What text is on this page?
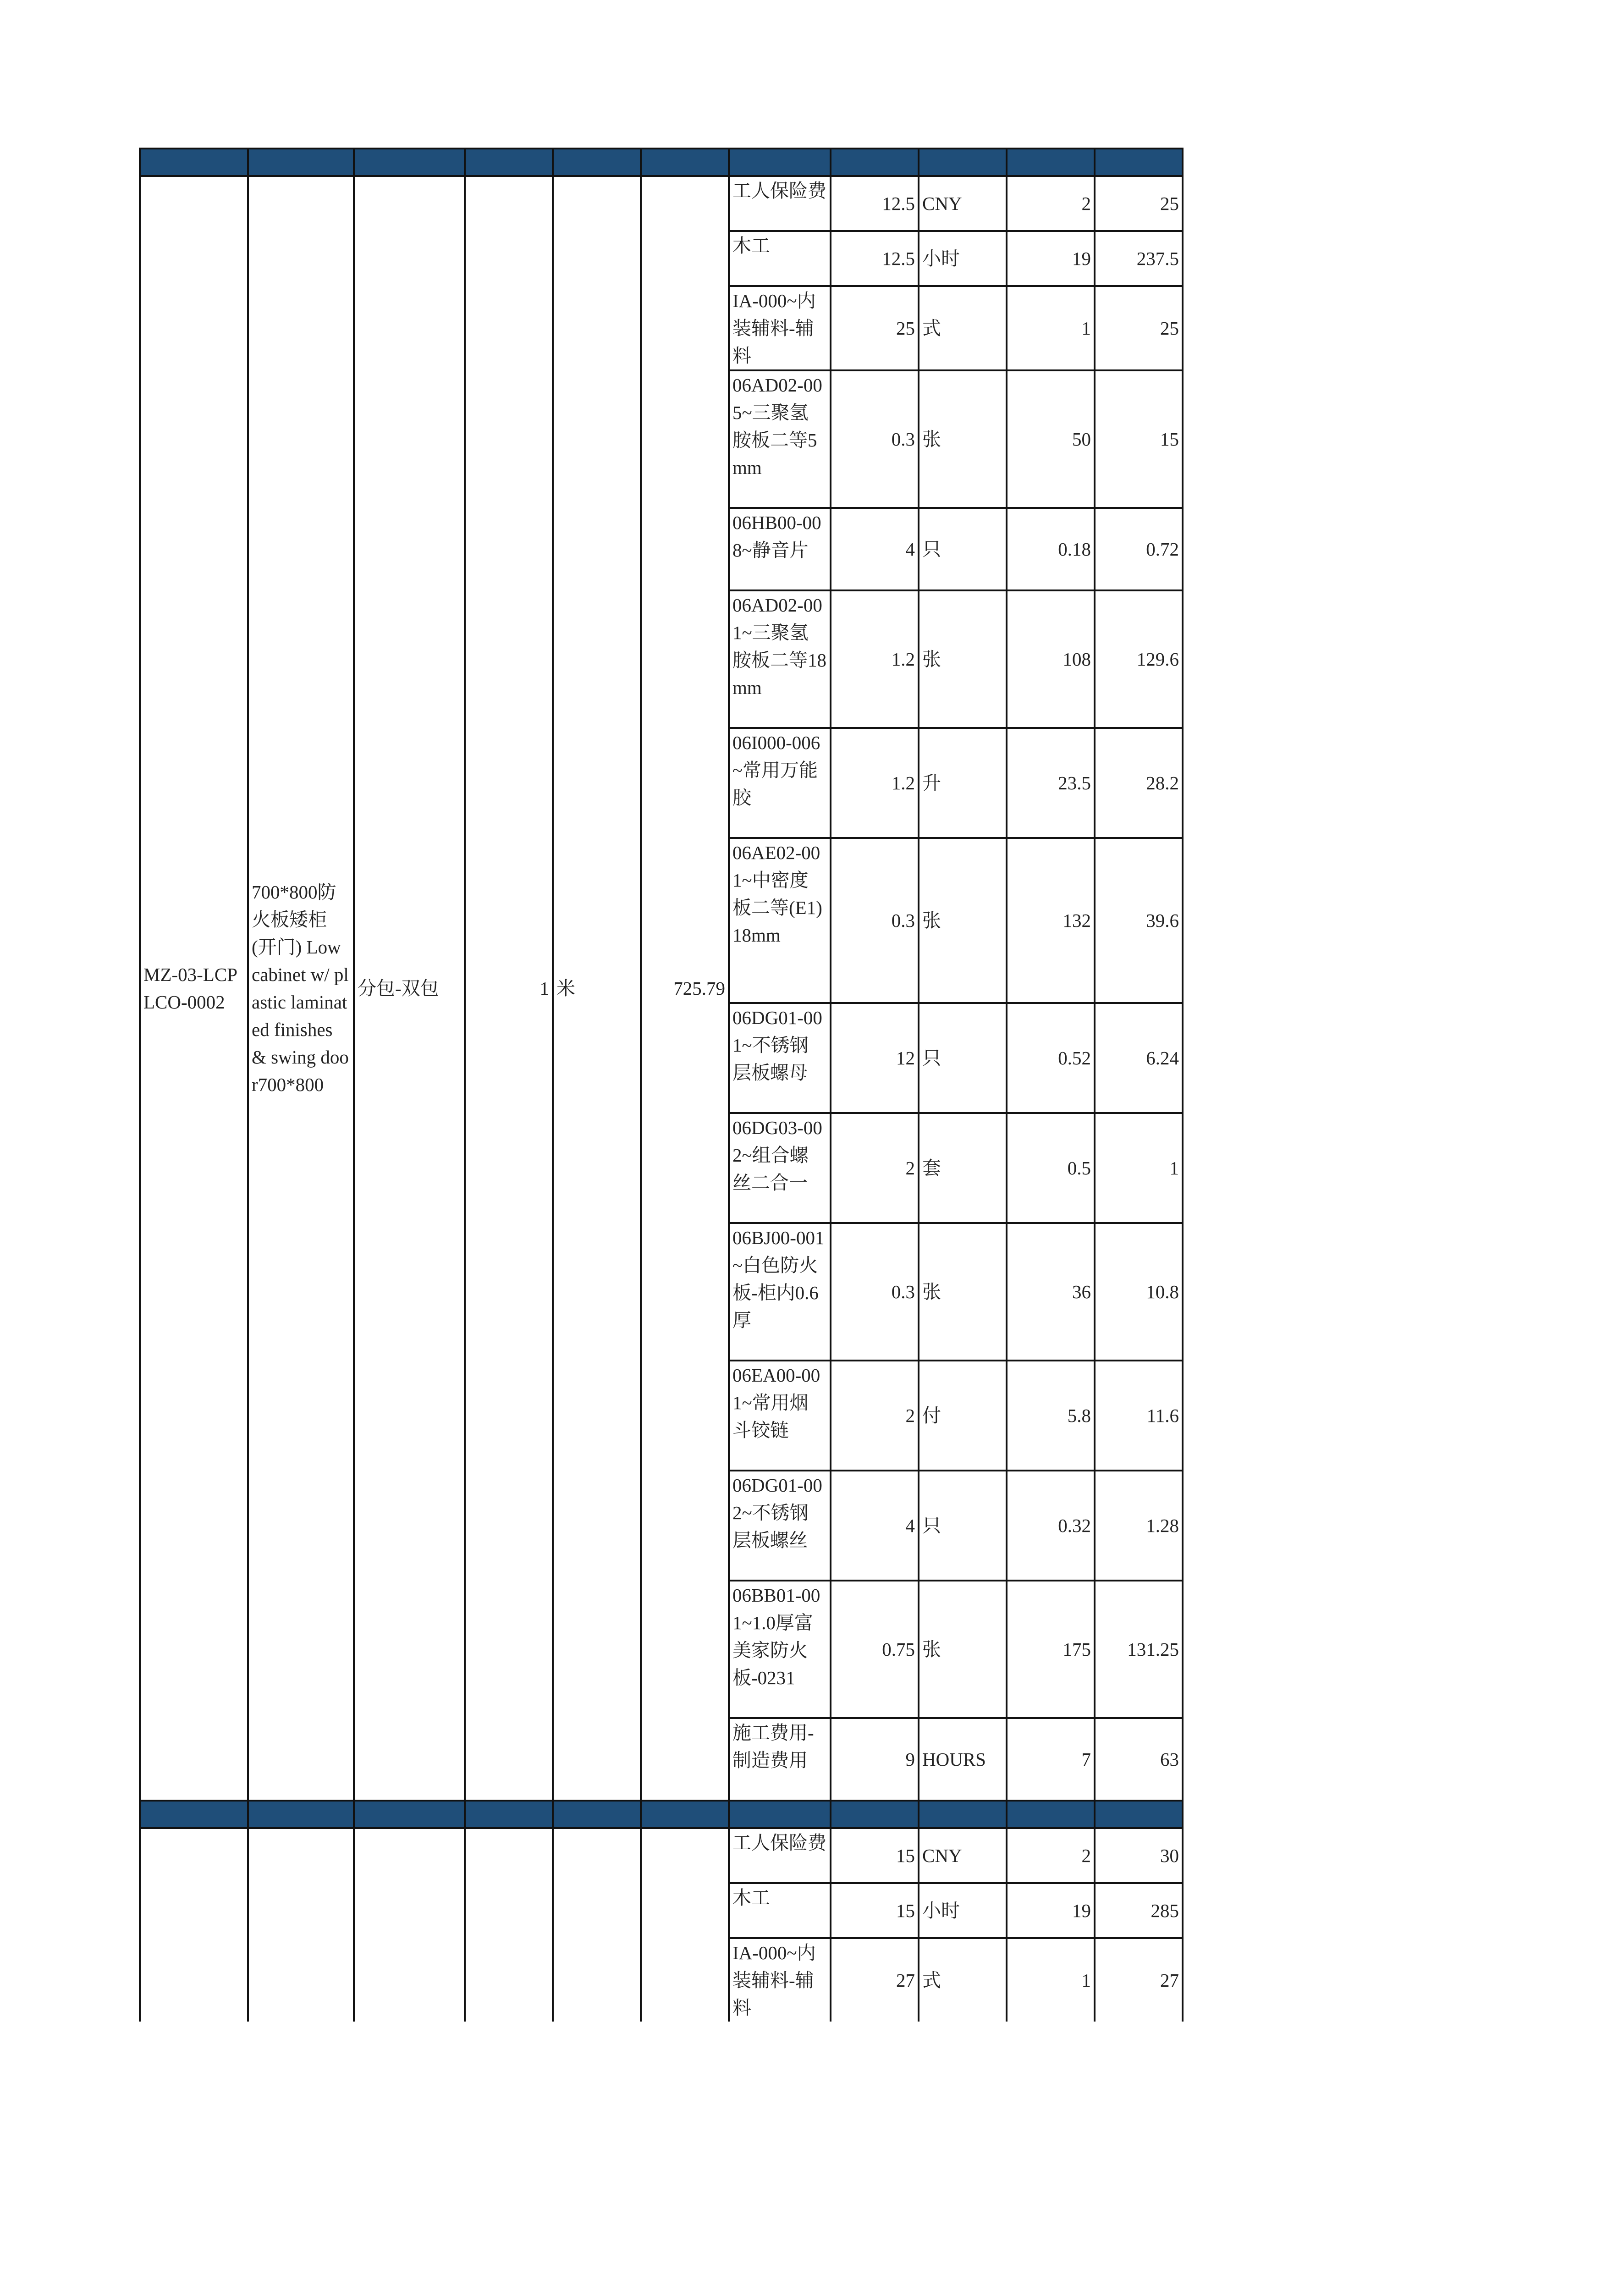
MZ-03-LCPLCO-0002	700*800防火板矮柜(开门) Low cabinet w/ plastic laminated finishes & swing door700*800	分包-双包	1	米	725.79	工人保险费	12.5	CNY	2	25
						木工	12.5	小时	19	237.5
						IA-000~内装辅料-辅料	25	式	1	25
						06AD02-005~三聚氢胺板二等5mm	0.3	张	50	15
						06HB00-008~静音片	4	只	0.18	0.72
						06AD02-001~三聚氢胺板二等18mm	1.2	张	108	129.6
						06I000-006~常用万能胶	1.2	升	23.5	28.2
						06AE02-001~中密度板二等(E1)18mm	0.3	张	132	39.6
						06DG01-001~不锈钢层板螺母	12	只	0.52	6.24
						06DG03-002~组合螺丝二合一	2	套	0.5	1
						06BJ00-001~白色防火板-柜内0.6厚	0.3	张	36	10.8
						06EA00-001~常用烟斗铰链	2	付	5.8	11.6
						06DG01-002~不锈钢层板螺丝	4	只	0.32	1.28
						06BB01-001~1.0厚富美家防火板-0231	0.75	张	175	131.25
						施工费用-制造费用	9	HOURS	7	63

						工人保险费	15	CNY	2	30
						木工	15	小时	19	285
						IA-000~内装辅料-辅料	27	式	1	27
